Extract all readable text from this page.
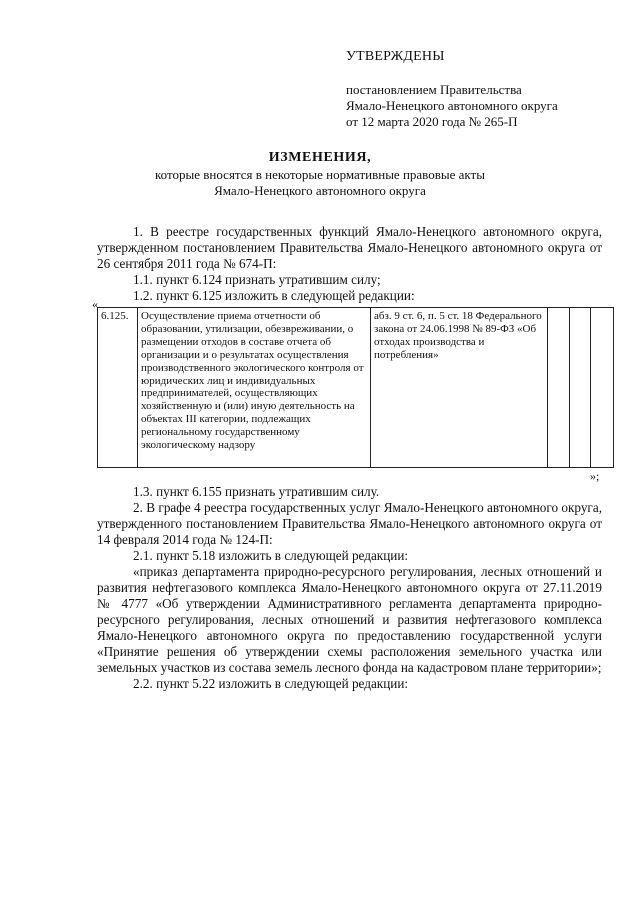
УТВЕРЖДЕНЫ
постановлением Правительства
Ямало-Ненецкого автономного округа
от 12 марта 2020 года № 265-П
ИЗМЕНЕНИЯ,
которые вносятся в некоторые нормативные правовые акты
Ямало-Ненецкого автономного округа

1. В реестре государственных функций Ямало-Ненецкого автономного округа, утвержденном постановлением Правительства Ямало-Ненецкого автономного округа от 26 сентября 2011 года № 674-П:

1.1. пункт 6.124 признать утратившим силу;

1.2. пункт 6.125 изложить в следующей редакции:

«
6.125.	Осуществление приема отчетности об образовании, утилизации, обезвреживании, о размещении отходов в составе отчета об организации и о результатах осуществления производственного экологического контроля от юридических лиц и индивидуальных предпринимателей, осуществляющих хозяйственную и (или) иную деятельность на объектах III категории, подлежащих региональному государственному экологическому надзору	абз. 9 ст. 6, п. 5 ст. 18 Федерального закона от 24.06.1998 № 89-ФЗ «Об отходах производства и потребления»			
»;

1.3. пункт 6.155 признать утратившим силу.

2. В графе 4 реестра государственных услуг Ямало-Ненецкого автономного округа, утвержденного постановлением Правительства Ямало-Ненецкого автономного округа от 14 февраля 2014 года № 124-П:

2.1. пункт 5.18 изложить в следующей редакции:

«приказ департамента природно-ресурсного регулирования, лесных отношений и развития нефтегазового комплекса Ямало-Ненецкого автономного округа от 27.11.2019 № 4777 «Об утверждении Административного регламента департамента природно-ресурсного регулирования, лесных отношений и развития нефтегазового комплекса Ямало-Ненецкого автономного округа по предоставлению государственной услуги «Принятие решения об утверждении схемы расположения земельного участка или земельных участков из состава земель лесного фонда на кадастровом плане территории»;

2.2. пункт 5.22 изложить в следующей редакции:
